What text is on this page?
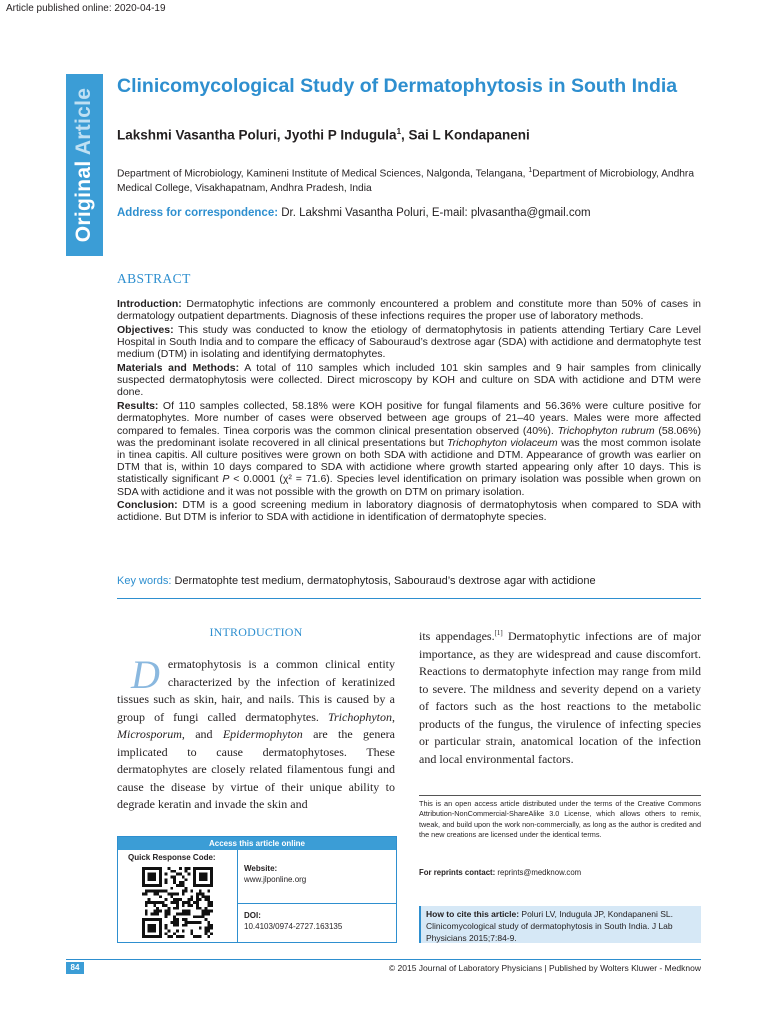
Article published online: 2020-04-19
Original Article
Clinicomycological Study of Dermatophytosis in South India
Lakshmi Vasantha Poluri, Jyothi P Indugula$^1$, Sai L Kondapaneni
Department of Microbiology, Kamineni Institute of Medical Sciences, Nalgonda, Telangana, $^1$Department of Microbiology, Andhra Medical College, Visakhapatnam, Andhra Pradesh, India
Address for correspondence: Dr. Lakshmi Vasantha Poluri, E-mail: plvasantha@gmail.com
ABSTRACT

Introduction: Dermatophytic infections are commonly encountered a problem and constitute more than 50% of cases in dermatology outpatient departments. Diagnosis of these infections requires the proper use of laboratory methods.

Objectives: This study was conducted to know the etiology of dermatophytosis in patients attending Tertiary Care Level Hospital in South India and to compare the efficacy of Sabouraud’s dextrose agar (SDA) with actidione and dermatophyte test medium (DTM) in isolating and identifying dermatophytes.

Materials and Methods: A total of 110 samples which included 101 skin samples and 9 hair samples from clinically suspected dermatophytosis were collected. Direct microscopy by KOH and culture on SDA with actidione and DTM were done.

Results: Of 110 samples collected, 58.18% were KOH positive for fungal filaments and 56.36% were culture positive for dermatophytes. More number of cases were observed between age groups of 21–40 years. Males were more affected compared to females. Tinea corporis was the common clinical presentation observed (40%). Trichophyton rubrum (58.06%) was the predominant isolate recovered in all clinical presentations but Trichophyton violaceum was the most common isolate in tinea capitis. All culture positives were grown on both SDA with actidione and DTM. Appearance of growth was earlier on DTM that is, within 10 days compared to SDA with actidione where growth started appearing only after 10 days. This is statistically significant P < 0.0001 (χ² = 71.6). Species level identification on primary isolation was possible when grown on SDA with actidione and it was not possible with the growth on DTM on primary isolation.

Conclusion: DTM is a good screening medium in laboratory diagnosis of dermatophytosis when compared to SDA with actidione. But DTM is inferior to SDA with actidione in identification of dermatophyte species.

Key words: Dermatophte test medium, dermatophytosis, Sabouraud’s dextrose agar with actidione
INTRODUCTION
Dermatophytosis is a common clinical entity characterized by the infection of keratinized tissues such as skin, hair, and nails. This is caused by a group of fungi called dermatophytes. Trichophyton, Microsporum, and Epidermophyton are the genera implicated to cause dermatophytoses. These dermatophytes are closely related filamentous fungi and cause the disease by virtue of their unique ability to degrade keratin and invade the skin and
its appendages.[1] Dermatophytic infections are of major importance, as they are widespread and cause discomfort. Reactions to dermatophyte infection may range from mild to severe. The mildness and severity depend on a variety of factors such as the host reactions to the metabolic products of the fungus, the virulence of infecting species or particular strain, anatomical location of the infection and local environmental factors.
This is an open access article distributed under the terms of the Creative Commons Attribution-NonCommercial-ShareAlike 3.0 License, which allows others to remix, tweak, and build upon the work non-commercially, as long as the author is credited and the new creations are licensed under the identical terms.
For reprints contact: reprints@medknow.com
How to cite this article: Poluri LV, Indugula JP, Kondapaneni SL. Clinicomycological study of dermatophytosis in South India. J Lab Physicians 2015;7:84-9.
Access this article online
Quick Response Code:
Website:
www.jlponline.org
DOI:
10.4103/0974-2727.163135
84	© 2015 Journal of Laboratory Physicians | Published by Wolters Kluwer - Medknow
